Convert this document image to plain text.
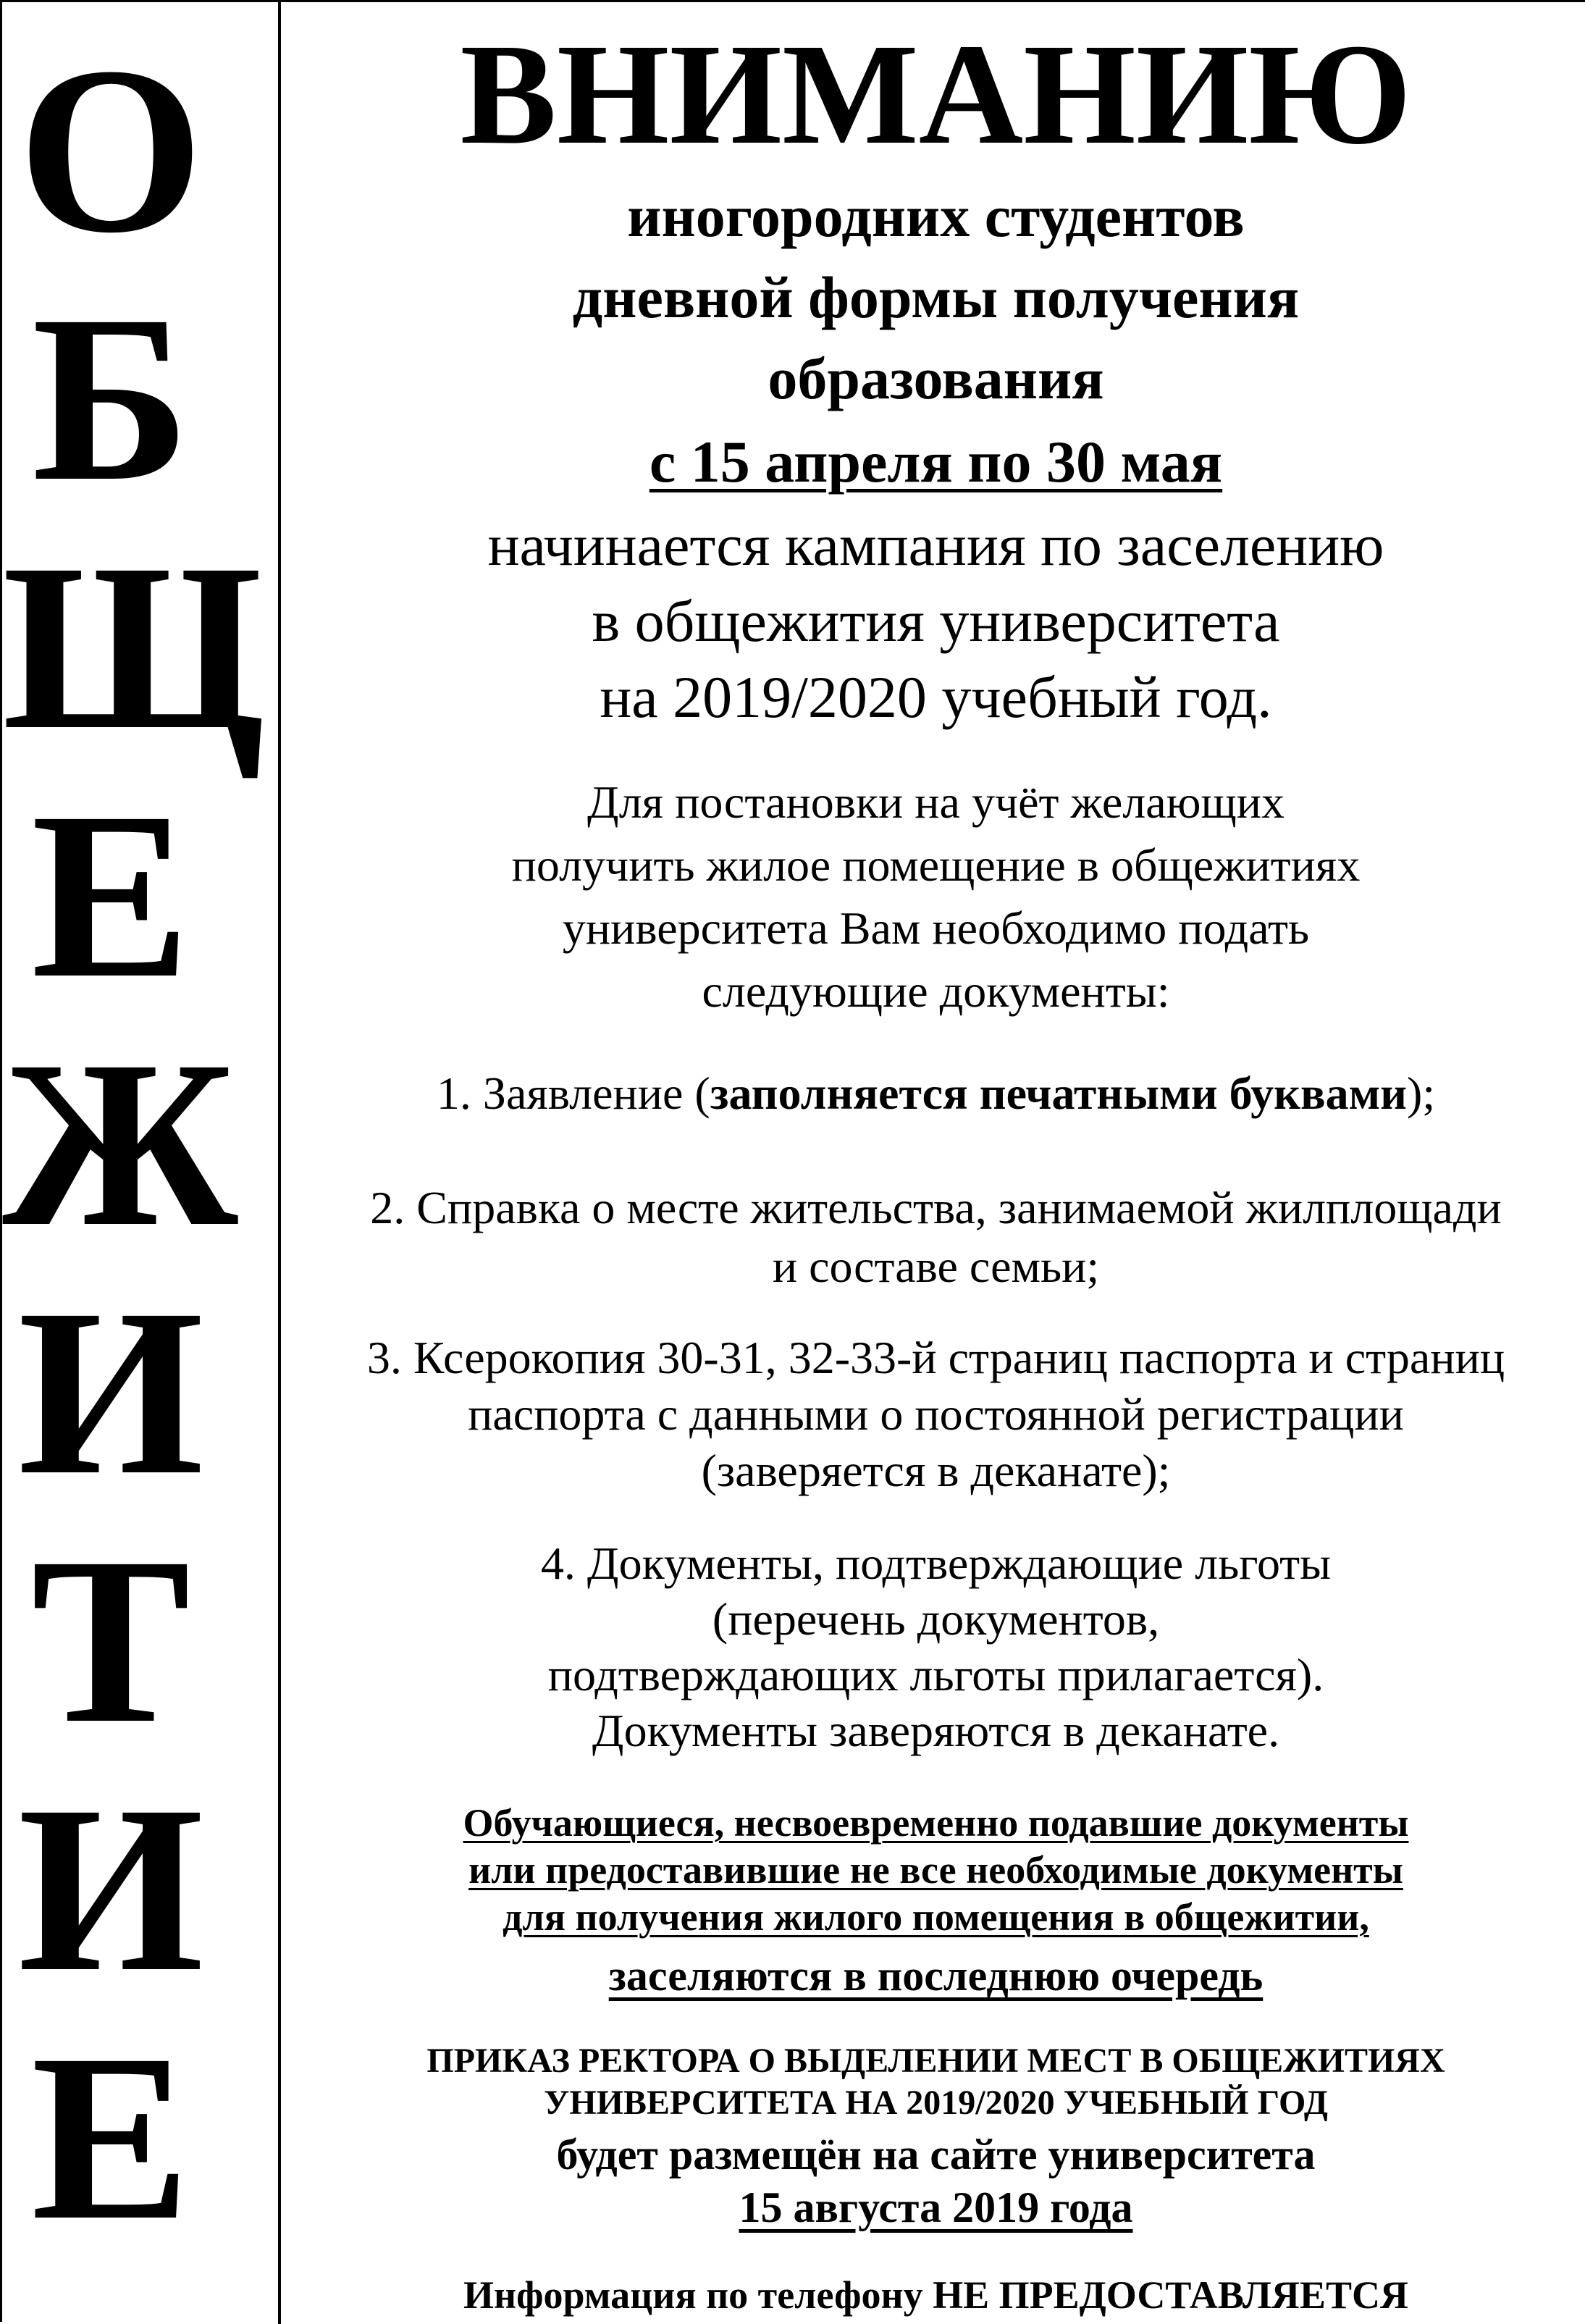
О
Б
Щ
Е
Ж
И
Т
И
Е
ВНИМАНИЮ
иногородних студентов
дневной формы получения
образования
с 15 апреля по 30 мая
начинается кампания по заселению
в общежития университета
на 2019/2020 учебный год.
Для постановки на учёт желающих
получить жилое помещение в общежитиях
университета Вам необходимо подать
следующие документы:
1. Заявление (заполняется печатными буквами);
2. Справка о месте жительства, занимаемой жилплощади
и составе семьи;
3. Ксерокопия 30-31, 32-33-й страниц паспорта и страниц
паспорта с данными о постоянной регистрации
(заверяется в деканате);
4. Документы, подтверждающие льготы
(перечень документов,
подтверждающих льготы прилагается).
Документы заверяются в деканате.
Обучающиеся, несвоевременно подавшие документы
или предоставившие не все необходимые документы
для получения жилого помещения в общежитии,
заселяются в последнюю очередь
ПРИКАЗ РЕКТОРА О ВЫДЕЛЕНИИ МЕСТ В ОБЩЕЖИТИЯХ
УНИВЕРСИТЕТА НА 2019/2020 УЧЕБНЫЙ ГОД
будет размещён на сайте университета
15 августа 2019 года
Информация по телефону НЕ ПРЕДОСТАВЛЯЕТСЯ
